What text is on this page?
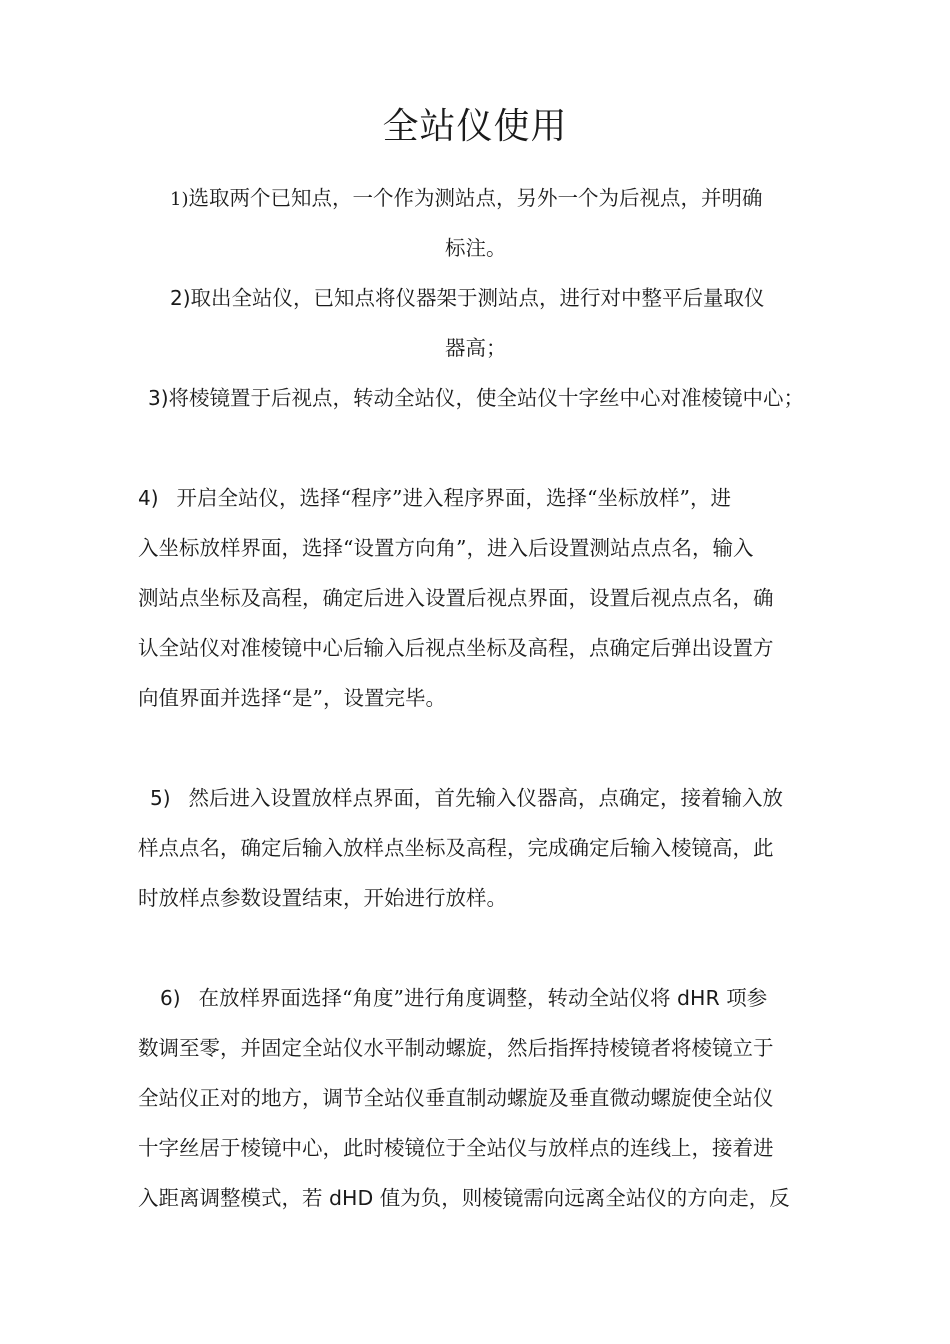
全站仪使用
1)选取两个已知点，一个作为测站点，另外一个为后视点，并明确
标注。
2)取出全站仪，已知点将仪器架于测站点，进行对中整平后量取仪
器高；
3)将棱镜置于后视点，转动全站仪，使全站仪十字丝中心对准棱镜中心；
4) 开启全站仪，选择“程序”进入程序界面，选择“坐标放样”，进
入坐标放样界面，选择“设置方向角”，进入后设置测站点点名，输入
测站点坐标及高程，确定后进入设置后视点界面，设置后视点点名，确
认全站仪对准棱镜中心后输入后视点坐标及高程，点确定后弹出设置方
向值界面并选择“是”，设置完毕。
5) 然后进入设置放样点界面，首先输入仪器高，点确定，接着输入放
样点点名，确定后输入放样点坐标及高程，完成确定后输入棱镜高，此
时放样点参数设置结束，开始进行放样。
6) 在放样界面选择“角度”进行角度调整，转动全站仪将 dHR 项参
数调至零，并固定全站仪水平制动螺旋，然后指挥持棱镜者将棱镜立于
全站仪正对的地方，调节全站仪垂直制动螺旋及垂直微动螺旋使全站仪
十字丝居于棱镜中心，此时棱镜位于全站仪与放样点的连线上，接着进
入距离调整模式，若 dHD 值为负，则棱镜需向远离全站仪的方向走，反
